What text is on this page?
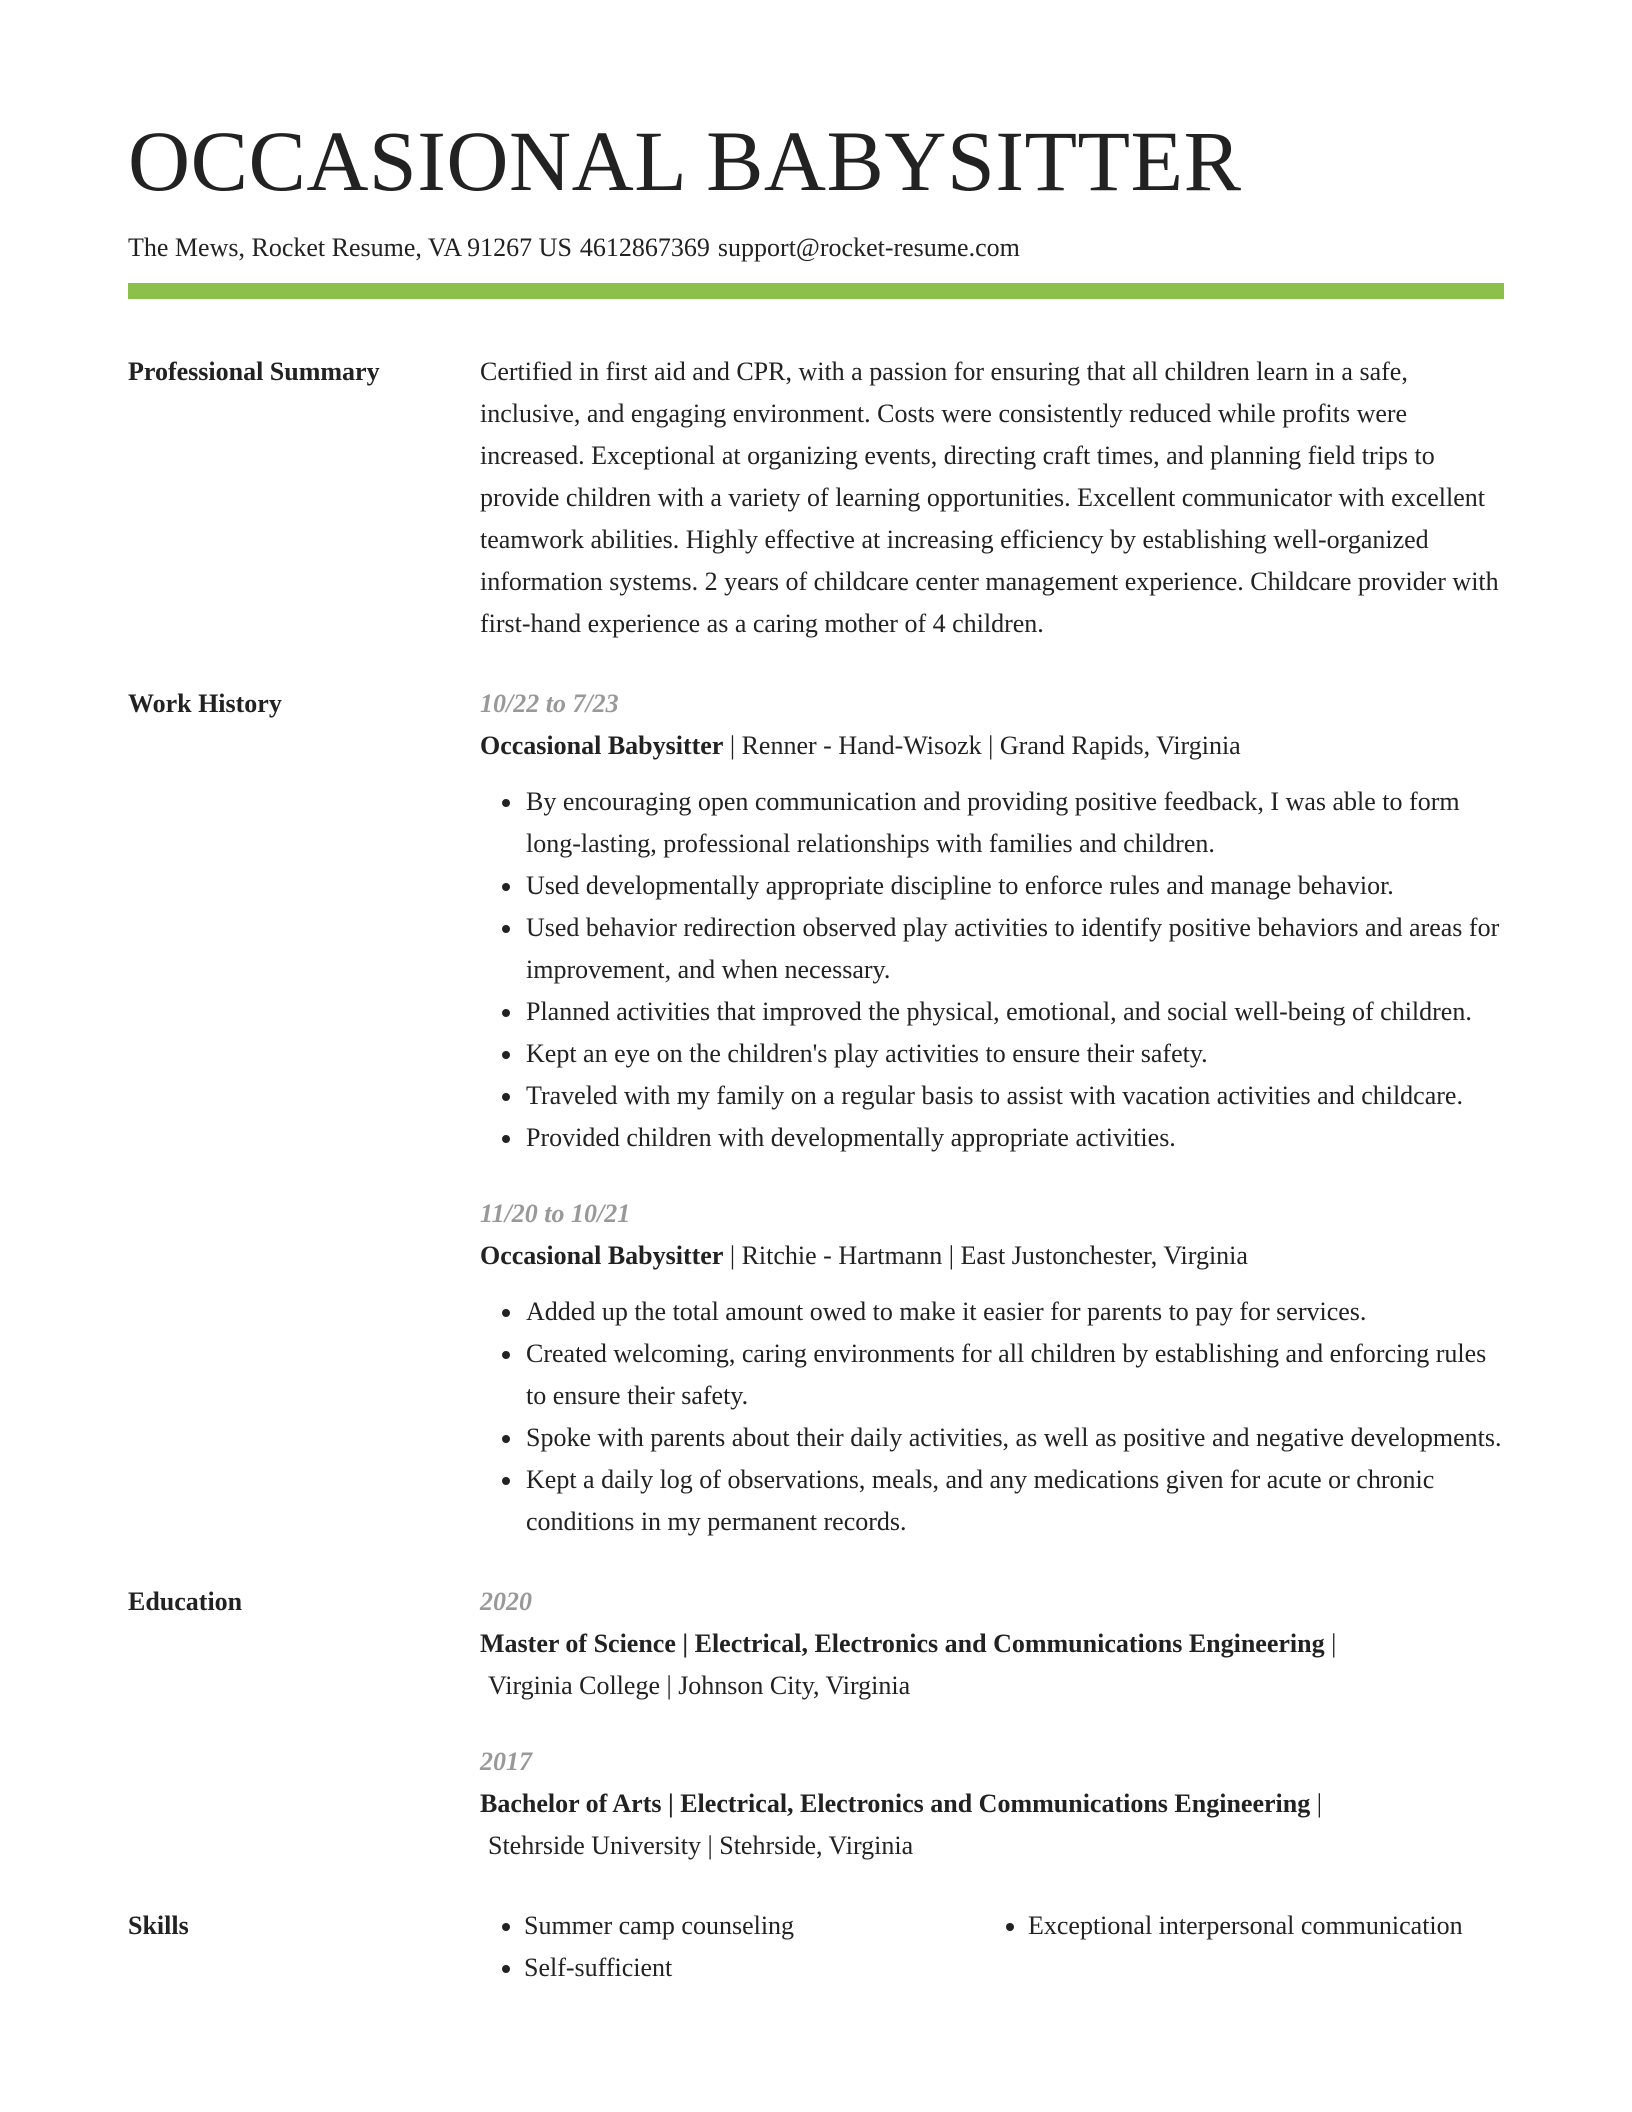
OCCASIONAL BABYSITTER
The Mews, Rocket Resume, VA 91267 US 4612867369 support@rocket-resume.com
Professional Summary	Certified in first aid and CPR, with a passion for ensuring that all children learn in a safe, inclusive, and engaging environment. Costs were consistently reduced while profits were increased. Exceptional at organizing events, directing craft times, and planning field trips to provide children with a variety of learning opportunities. Excellent communicator with excellent teamwork abilities. Highly effective at increasing efficiency by establishing well-organized information systems. 2 years of childcare center management experience. Childcare provider with first-hand experience as a caring mother of 4 children.

Work History	10/22 to 7/23
Occasional Babysitter | Renner - Hand-Wisozk | Grand Rapids, Virginia
• By encouraging open communication and providing positive feedback, I was able to form long-lasting, professional relationships with families and children.
• Used developmentally appropriate discipline to enforce rules and manage behavior.
• Used behavior redirection observed play activities to identify positive behaviors and areas for improvement, and when necessary.
• Planned activities that improved the physical, emotional, and social well-being of children.
• Kept an eye on the children's play activities to ensure their safety.
• Traveled with my family on a regular basis to assist with vacation activities and childcare.
• Provided children with developmentally appropriate activities.
11/20 to 10/21
Occasional Babysitter | Ritchie - Hartmann | East Justonchester, Virginia
• Added up the total amount owed to make it easier for parents to pay for services.
• Created welcoming, caring environments for all children by establishing and enforcing rules to ensure their safety.
• Spoke with parents about their daily activities, as well as positive and negative developments.
• Kept a daily log of observations, meals, and any medications given for acute or chronic conditions in my permanent records.
Education	2020
Master of Science | Electrical, Electronics and Communications Engineering |
Virginia College | Johnson City, Virginia
2017
Bachelor of Arts | Electrical, Electronics and Communications Engineering |
Stehrside University | Stehrside, Virginia
Skills
•	Summer camp counseling
• Self-sufficient
• Exceptional interpersonal communication
